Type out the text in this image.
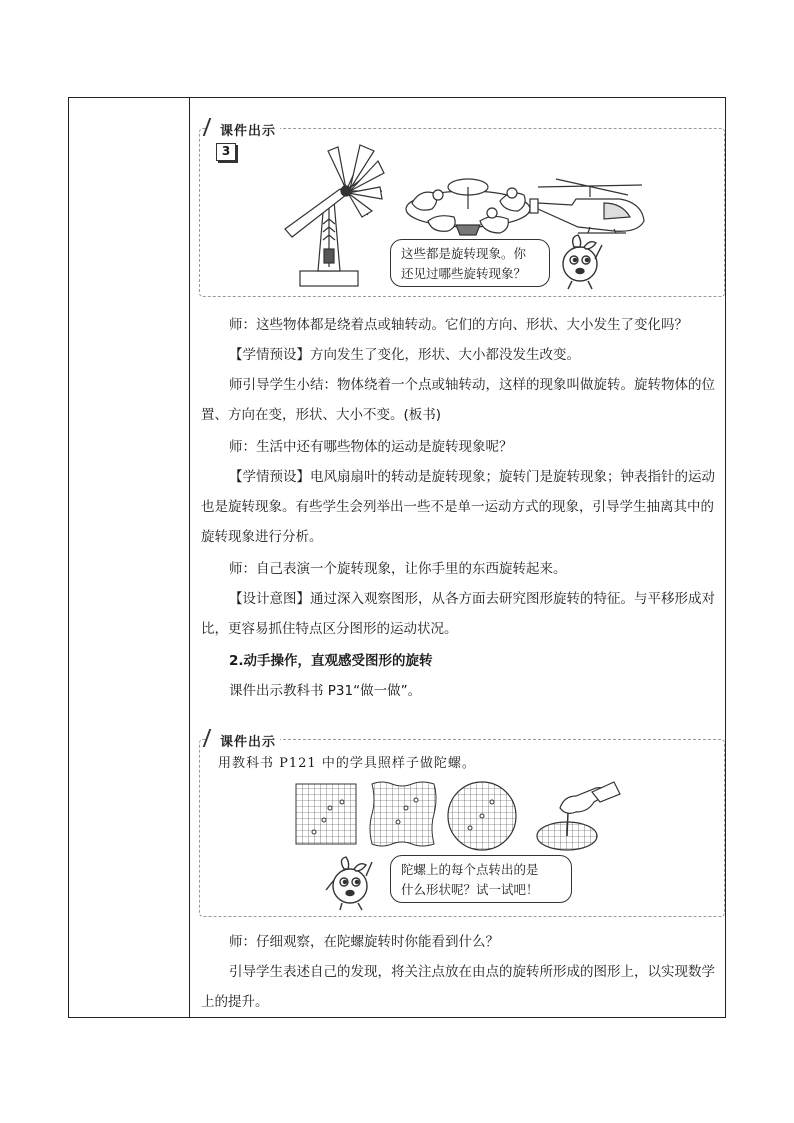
课件出示
3
这些都是旋转现象。你
还见过哪些旋转现象？
师：这些物体都是绕着点或轴转动。它们的方向、形状、大小发生了变化吗？
【学情预设】方向发生了变化，形状、大小都没发生改变。
师引导学生小结：物体绕着一个点或轴转动，这样的现象叫做旋转。旋转物体的位置、方向在变，形状、大小不变。(板书)
师：生活中还有哪些物体的运动是旋转现象呢？
【学情预设】电风扇扇叶的转动是旋转现象；旋转门是旋转现象；钟表指针的运动也是旋转现象。有些学生会列举出一些不是单一运动方式的现象，引导学生抽离其中的旋转现象进行分析。
师：自己表演一个旋转现象，让你手里的东西旋转起来。
【设计意图】通过深入观察图形，从各方面去研究图形旋转的特征。与平移形成对比，更容易抓住特点区分图形的运动状况。
2.动手操作，直观感受图形的旋转
课件出示教科书 P31“做一做”。
课件出示
用教科书 P121 中的学具照样子做陀螺。
陀螺上的每个点转出的是
什么形状呢？试一试吧！
师：仔细观察，在陀螺旋转时你能看到什么？
引导学生表述自己的发现，将关注点放在由点的旋转所形成的图形上，以实现数学上的提升。
